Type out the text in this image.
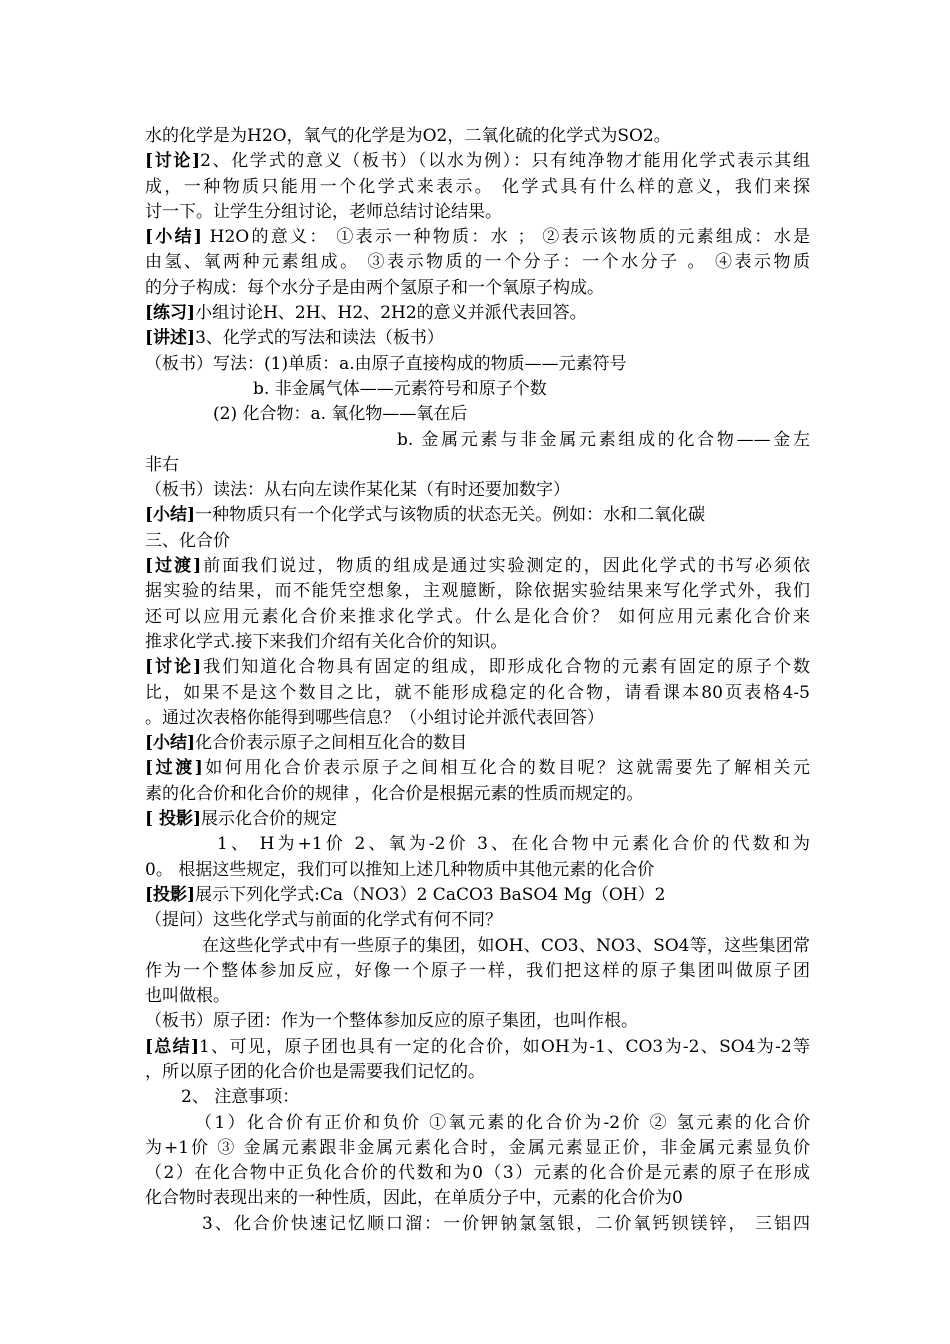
水的化学是为H2O，氧气的化学是为O2，二氧化硫的化学式为SO2。
[讨论]2、化学式的意义（板书）（以水为例）：只有纯净物才能用化学式表示其组
成，一种物质只能用一个化学式来表示。 化学式具有什么样的意义，我们来探
讨一下。让学生分组讨论，老师总结讨论结果。
[小结] H2O的意义： ①表示一种物质：水 ； ②表示该物质的元素组成：水是
由氢、氧两种元素组成。 ③表示物质的一个分子：一个水分子 。 ④表示物质
的分子构成：每个水分子是由两个氢原子和一个氧原子构成。
[练习]小组讨论H、2H、H2、2H2的意义并派代表回答。
[讲述]3、化学式的写法和读法（板书）
（板书）写法：(1)单质：a.由原子直接构成的物质——元素符号
b. 非金属气体——元素符号和原子个数
(2) 化合物：a. 氧化物——氧在后
b. 金属元素与非金属元素组成的化合物——金左
非右
（板书）读法：从右向左读作某化某（有时还要加数字）
[小结]一种物质只有一个化学式与该物质的状态无关。例如：水和二氧化碳
三、化合价
[过渡]前面我们说过，物质的组成是通过实验测定的，因此化学式的书写必须依
据实验的结果，而不能凭空想象，主观臆断，除依据实验结果来写化学式外，我们
还可以应用元素化合价来推求化学式。什么是化合价？ 如何应用元素化合价来
推求化学式.接下来我们介绍有关化合价的知识。
[讨论]我们知道化合物具有固定的组成，即形成化合物的元素有固定的原子个数
比，如果不是这个数目之比，就不能形成稳定的化合物，请看课本80页表格4-5
。通过次表格你能得到哪些信息？（小组讨论并派代表回答）
[小结]化合价表示原子之间相互化合的数目
[过渡]如何用化合价表示原子之间相互化合的数目呢？这就需要先了解相关元
素的化合价和化合价的规律 ，化合价是根据元素的性质而规定的。
[ 投影]展示化合价的规定
1、 H为+1价 2、氧为-2价 3、在化合物中元素化合价的代数和为
0。 根据这些规定，我们可以推知上述几种物质中其他元素的化合价
[投影]展示下列化学式:Ca（NO3）2 CaCO3 BaSO4 Mg（OH）2
（提问）这些化学式与前面的化学式有何不同？
在这些化学式中有一些原子的集团，如OH、CO3、NO3、SO4等，这些集团常
作为一个整体参加反应，好像一个原子一样，我们把这样的原子集团叫做原子团
也叫做根。
（板书）原子团：作为一个整体参加反应的原子集团，也叫作根。
[总结]1、可见，原子团也具有一定的化合价，如OH为-1、CO3为-2、SO4为-2等
，所以原子团的化合价也是需要我们记忆的。
2、 注意事项：
（1）化合价有正价和负价 ①氧元素的化合价为-2价 ② 氢元素的化合价
为+1价 ③ 金属元素跟非金属元素化合时，金属元素显正价，非金属元素显负价
（2）在化合物中正负化合价的代数和为0（3）元素的化合价是元素的原子在形成
化合物时表现出来的一种性质，因此，在单质分子中，元素的化合价为0
3、化合价快速记忆顺口溜：一价钾钠氯氢银，二价氧钙钡镁锌， 三铝四
